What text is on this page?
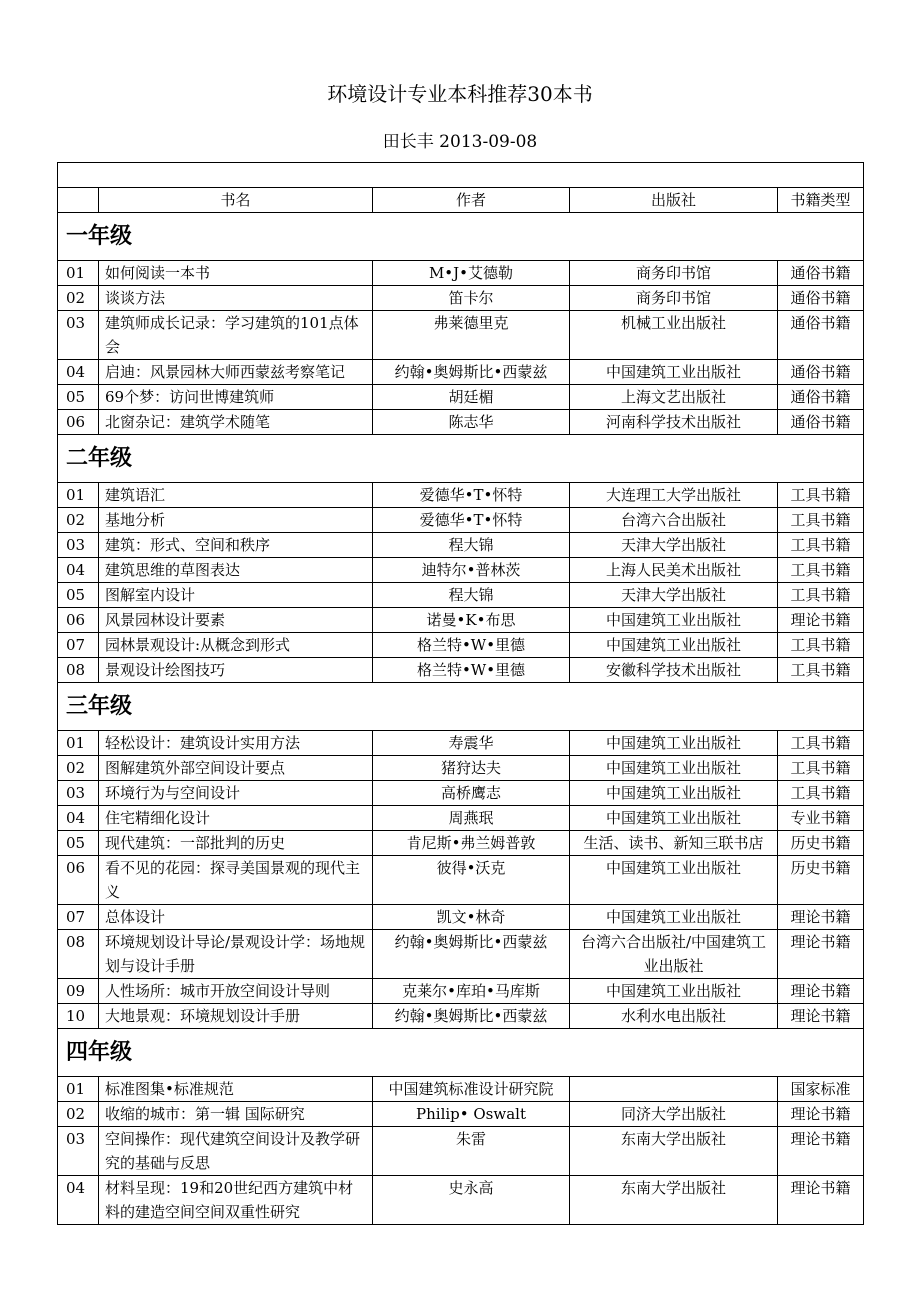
环境设计专业本科推荐30本书
田长丰 2013-09-08

	书名	作者	出版社	书籍类型
一年级				
01	如何阅读一本书	M•J•艾德勒	商务印书馆	通俗书籍
02	谈谈方法	笛卡尔	商务印书馆	通俗书籍
03	建筑师成长记录：学习建筑的101点体会	弗莱德里克	机械工业出版社	通俗书籍
04	启迪：风景园林大师西蒙兹考察笔记	约翰•奥姆斯比•西蒙兹	中国建筑工业出版社	通俗书籍
05	69个梦：访问世博建筑师	胡廷楣	上海文艺出版社	通俗书籍
06	北窗杂记：建筑学术随笔	陈志华	河南科学技术出版社	通俗书籍
二年级				
01	建筑语汇	爱德华•T•怀特	大连理工大学出版社	工具书籍
02	基地分析	爱德华•T•怀特	台湾六合出版社	工具书籍
03	建筑：形式、空间和秩序	程大锦	天津大学出版社	工具书籍
04	建筑思维的草图表达	迪特尔•普林茨	上海人民美术出版社	工具书籍
05	图解室内设计	程大锦	天津大学出版社	工具书籍
06	风景园林设计要素	诺曼•K•布思	中国建筑工业出版社	理论书籍
07	园林景观设计:从概念到形式	格兰特•W•里德	中国建筑工业出版社	工具书籍
08	景观设计绘图技巧	格兰特•W•里德	安徽科学技术出版社	工具书籍
三年级				
01	轻松设计：建筑设计实用方法	寿震华	中国建筑工业出版社	工具书籍
02	图解建筑外部空间设计要点	猪狩达夫	中国建筑工业出版社	工具书籍
03	环境行为与空间设计	高桥鹰志	中国建筑工业出版社	工具书籍
04	住宅精细化设计	周燕珉	中国建筑工业出版社	专业书籍
05	现代建筑：一部批判的历史	肯尼斯•弗兰姆普敦	生活、读书、新知三联书店	历史书籍
06	看不见的花园：探寻美国景观的现代主义	彼得•沃克	中国建筑工业出版社	历史书籍
07	总体设计	凯文•林奇	中国建筑工业出版社	理论书籍
08	环境规划设计导论/景观设计学：场地规划与设计手册	约翰•奥姆斯比•西蒙兹	台湾六合出版社/中国建筑工业出版社	理论书籍
09	人性场所：城市开放空间设计导则	克莱尔•库珀•马库斯	中国建筑工业出版社	理论书籍
10	大地景观：环境规划设计手册	约翰•奥姆斯比•西蒙兹	水利水电出版社	理论书籍
四年级				
01	标准图集•标准规范	中国建筑标准设计研究院		国家标准
02	收缩的城市：第一辑 国际研究	Philip• Oswalt	同济大学出版社	理论书籍
03	空间操作：现代建筑空间设计及教学研究的基础与反思	朱雷	东南大学出版社	理论书籍
04	材料呈现：19和20世纪西方建筑中材料的建造空间空间双重性研究	史永高	东南大学出版社	理论书籍
